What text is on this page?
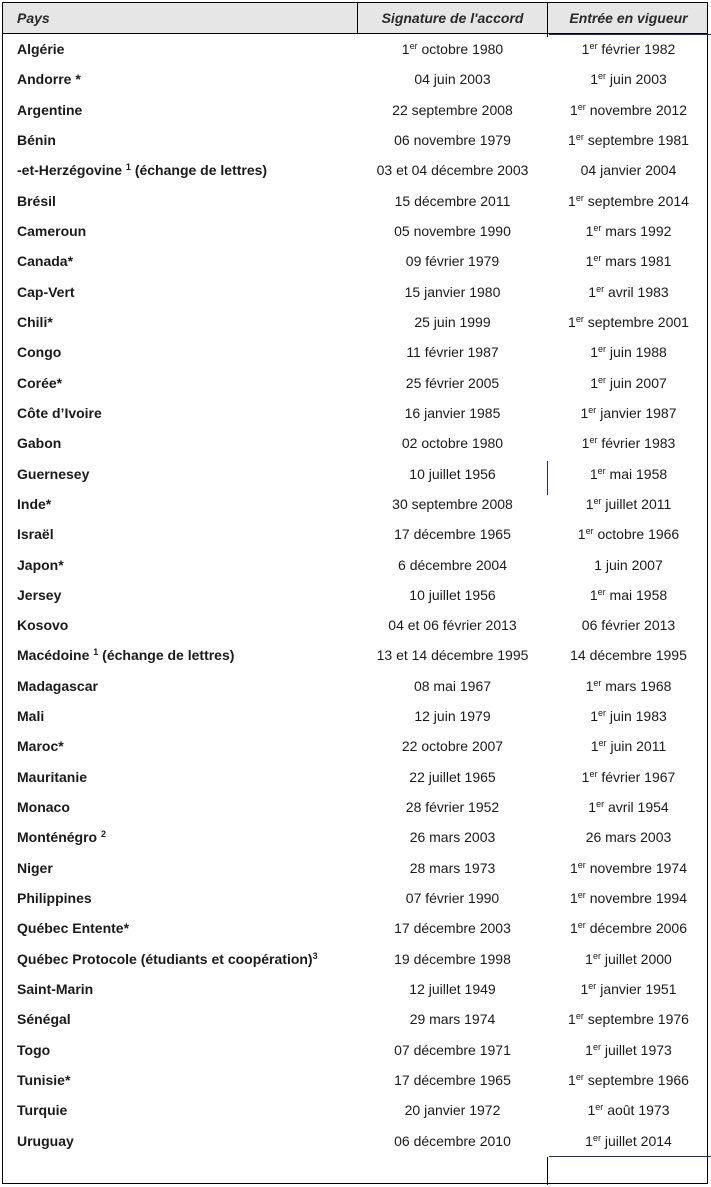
Pays	Signature de l'accord	Entrée en vigueur
Algérie	1er octobre 1980	1er février 1982
Andorre *	04 juin 2003	1er juin 2003
Argentine	22 septembre 2008	1er novembre 2012
Bénin	06 novembre 1979	1er septembre 1981
-et-Herzégovine $^1$ (échange de lettres)	03 et 04 décembre 2003	04 janvier 2004
Brésil	15 décembre 2011	1er septembre 2014
Cameroun	05 novembre 1990	1er mars 1992
Canada*	09 février 1979	1er mars 1981
Cap-Vert	15 janvier 1980	1er avril 1983
Chili*	25 juin 1999	1er septembre 2001
Congo	11 février 1987	1er juin 1988
Corée*	25 février 2005	1er juin 2007
Côte d’Ivoire	16 janvier 1985	1er janvier 1987
Gabon	02 octobre 1980	1er février 1983
Guernesey	10 juillet 1956	1er mai 1958
Inde*	30 septembre 2008	1er juillet 2011
Israël	17 décembre 1965	1er octobre 1966
Japon*	6 décembre 2004	1 juin 2007
Jersey	10 juillet 1956	1er mai 1958
Kosovo	04 et 06 février 2013	06 février 2013
Macédoine $^1$ (échange de lettres)	13 et 14 décembre 1995	14 décembre 1995
Madagascar	08 mai 1967	1er mars 1968
Mali	12 juin 1979	1er juin 1983
Maroc*	22 octobre 2007	1er juin 2011
Mauritanie	22 juillet 1965	1er février 1967
Monaco	28 février 1952	1er avril 1954
Monténégro $^2$	26 mars 2003	26 mars 2003
Niger	28 mars 1973	1er novembre 1974
Philippines	07 février 1990	1er novembre 1994
Québec Entente*	17 décembre 2003	1er décembre 2006
Québec Protocole (étudiants et coopération)$^3$	19 décembre 1998	1er juillet 2000
Saint-Marin	12 juillet 1949	1er janvier 1951
Sénégal	29 mars 1974	1er septembre 1976
Togo	07 décembre 1971	1er juillet 1973
Tunisie*	17 décembre 1965	1er septembre 1966
Turquie	20 janvier 1972	1er août 1973
Uruguay	06 décembre 2010	1er juillet 2014
